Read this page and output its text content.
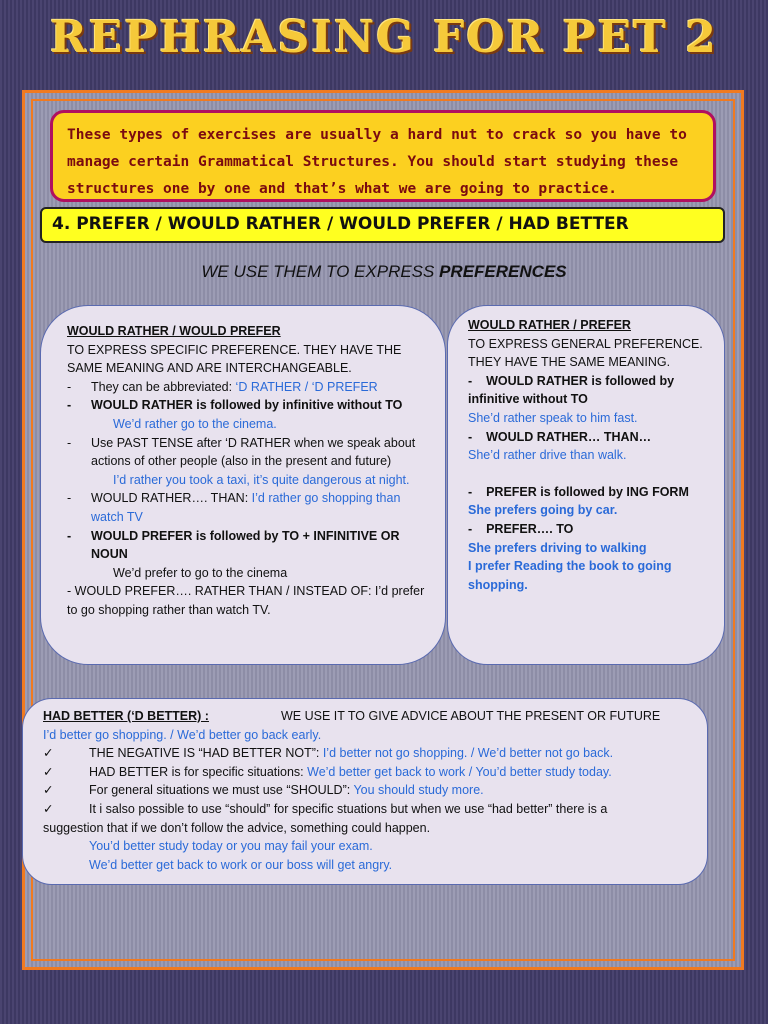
REPHRASING FOR PET 2
These types of exercises are usually a hard nut to crack so you have to manage certain Grammatical Structures. You should start studying these structures one by one and that’s what we are going to practice.
4. PREFER / WOULD RATHER / WOULD PREFER / HAD BETTER
WE USE THEM TO EXPRESS PREFERENCES
WOULD RATHER / WOULD PREFER
TO EXPRESS SPECIFIC PREFERENCE. THEY HAVE THE SAME MEANING AND ARE INTERCHANGEABLE.
- They can be abbreviated: ‘D RATHER / ‘D PREFER
- WOULD RATHER is followed by infinitive without TO
We’d rather go to the cinema.
- Use PAST TENSE after ‘D RATHER when we speak about actions of other people (also in the present and future)
I’d rather you took a taxi, it’s quite dangerous at night.
- WOULD RATHER…. THAN: I’d rather go shopping than watch TV
- WOULD PREFER is followed by TO + INFINITIVE OR NOUN
We’d prefer to go to the cinema
- WOULD PREFER…. RATHER THAN / INSTEAD OF: I’d prefer to go shopping rather than watch TV.
WOULD RATHER / PREFER
TO EXPRESS GENERAL PREFERENCE.
THEY HAVE THE SAME MEANING.
- WOULD RATHER is followed by infinitive without TO
She’d rather speak to him fast.
- WOULD RATHER… THAN…
She’d rather drive than walk.
- PREFER is followed by ING FORM
She prefers going by car.
- PREFER…. TO
She prefers driving to walking
I prefer Reading the book to going shopping.
HAD BETTER (‘D BETTER) :	WE USE IT TO GIVE ADVICE ABOUT THE PRESENT OR FUTURE
I’d better go shopping. / We’d better go back early.
✓	THE NEGATIVE IS “HAD BETTER NOT”: I’d better not go shopping. / We’d better not go back.
✓	HAD BETTER is for specific situations: We’d better get back to work / You’d better study today.
✓	For general situations we must use “SHOULD”: You should study more.
✓	It i salso possible to use “should” for specific stuations but when we use “had better” there is a
suggestion that if we don’t follow the advice, something could happen.
You’d better study today or you may fail your exam.
We’d better get back to work or our boss will get angry.
